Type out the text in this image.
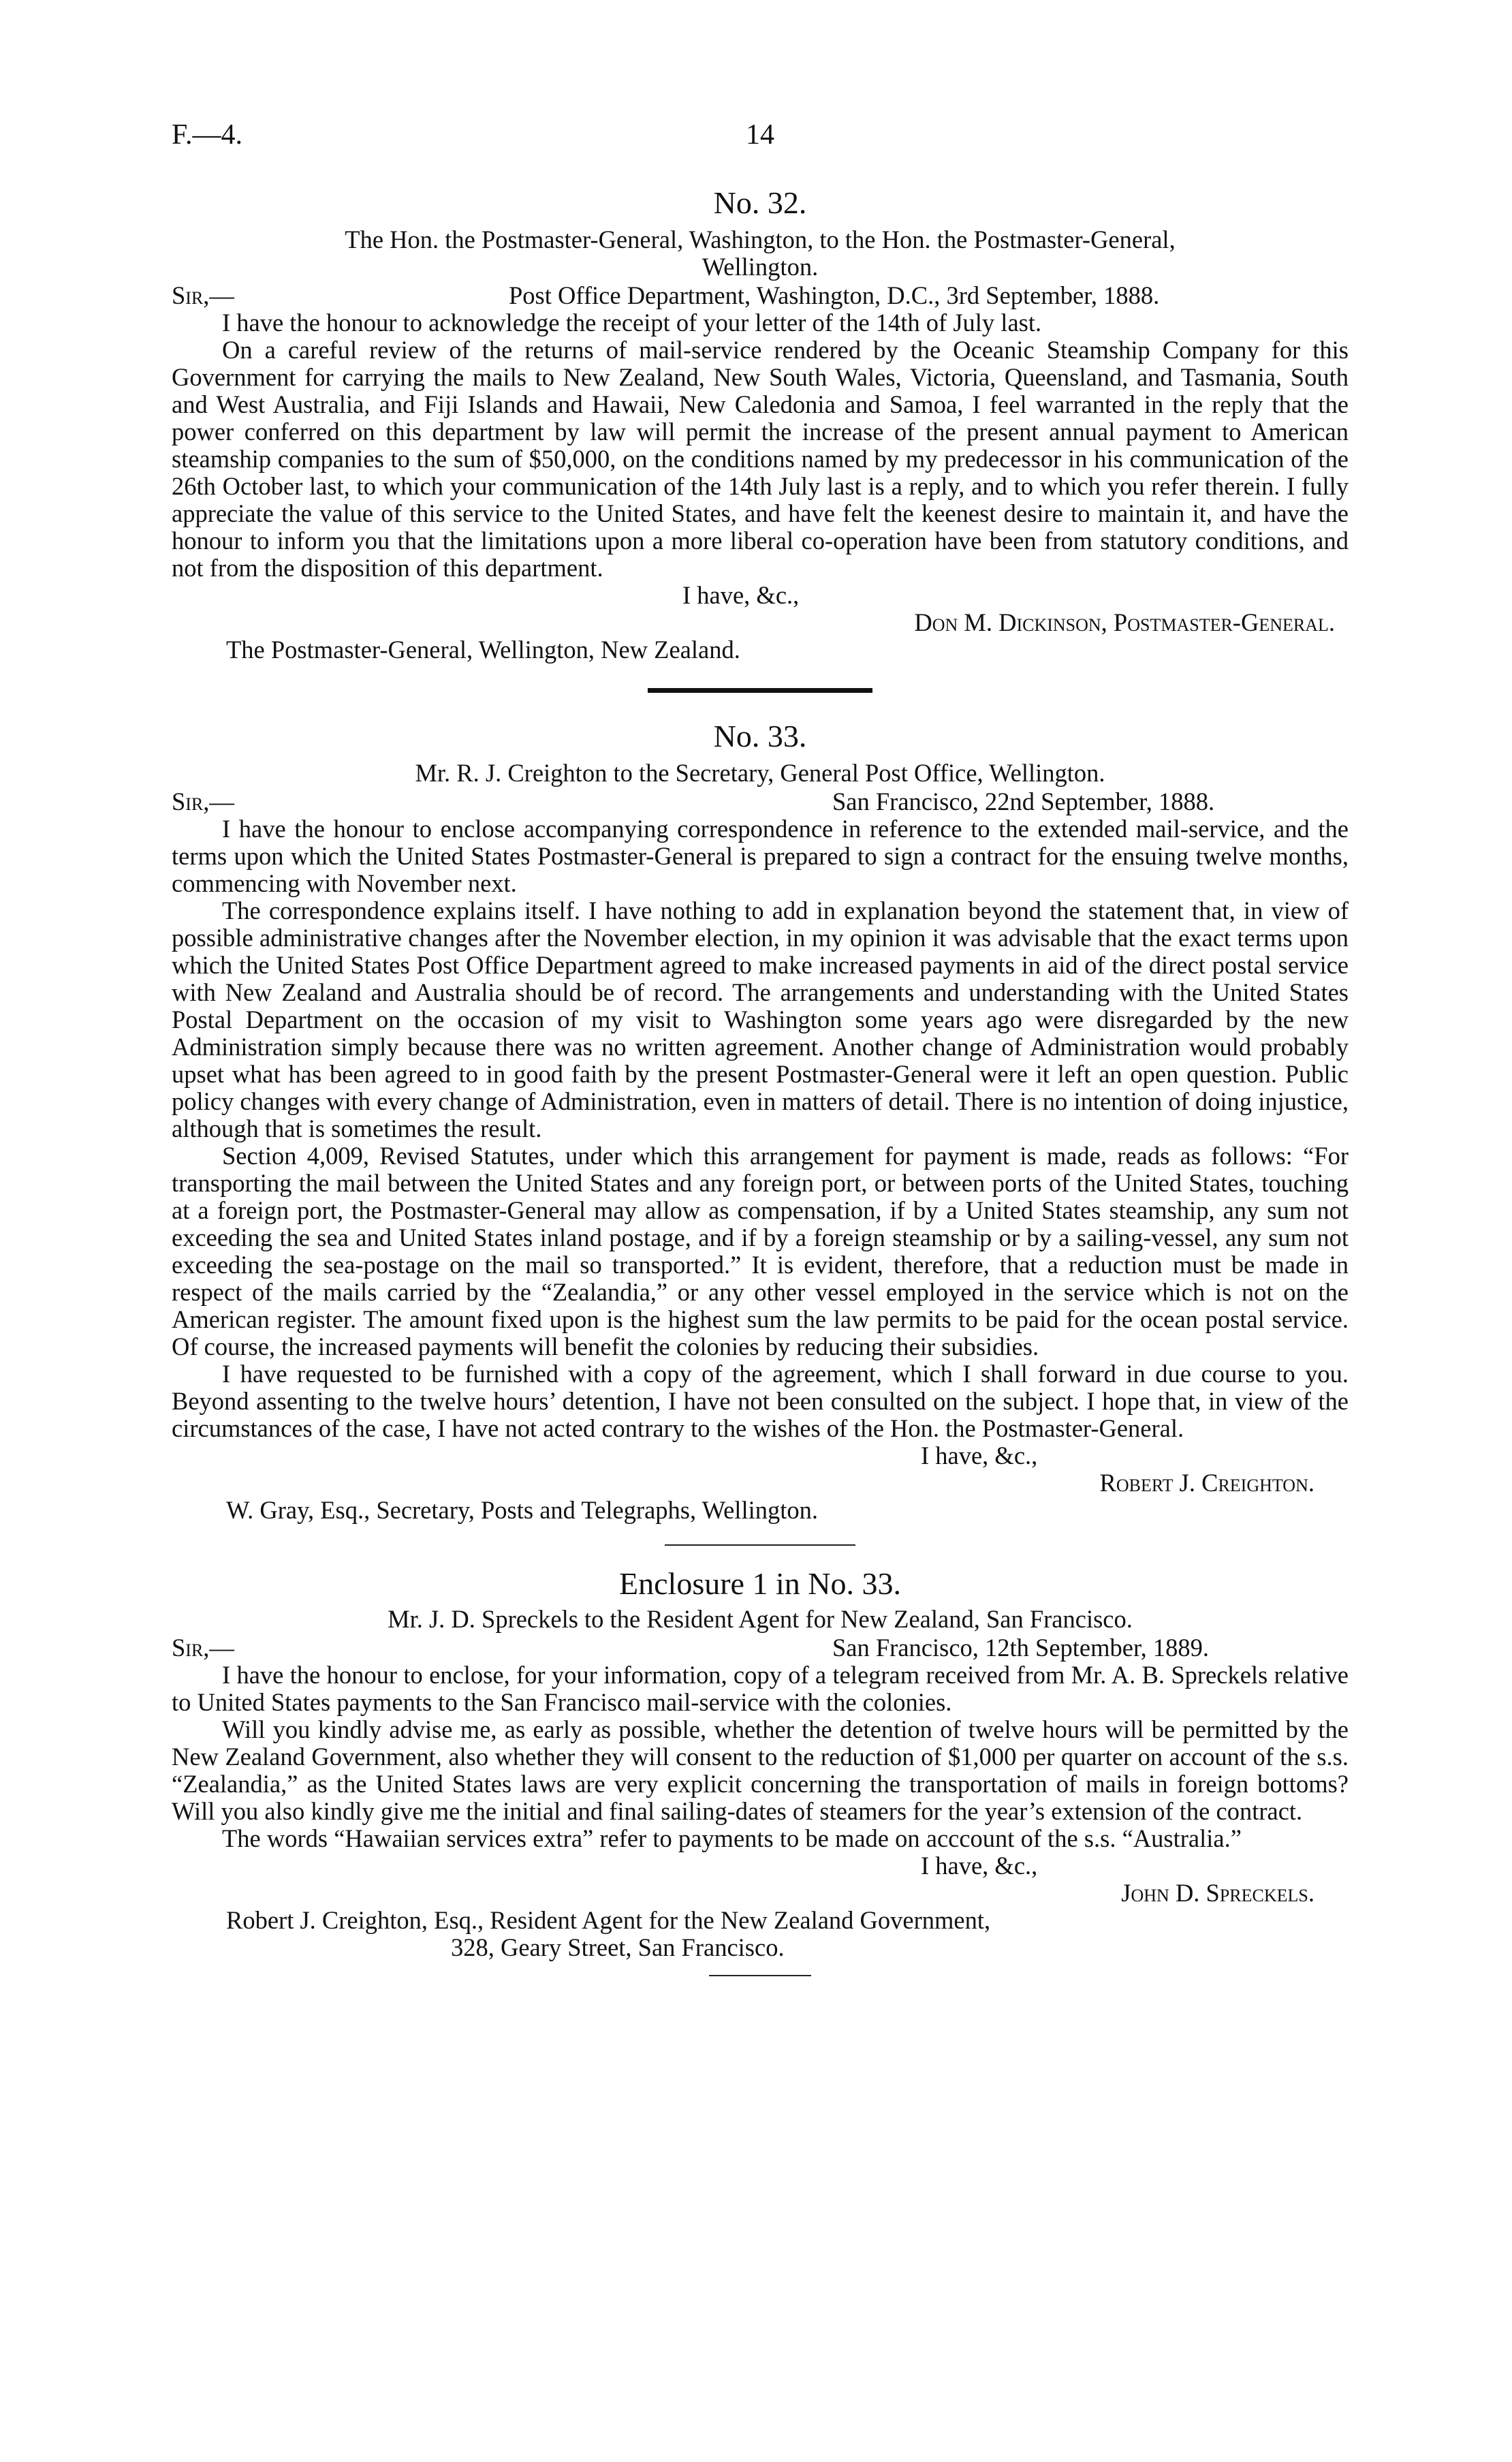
F.—4.	14
No. 32.
The Hon. the Postmaster-General, Washington, to the Hon. the Postmaster-General,
Wellington.
Sir,—	Post Office Department, Washington, D.C., 3rd September, 1888.

I have the honour to acknowledge the receipt of your letter of the 14th of July last.

On a careful review of the returns of mail-service rendered by the Oceanic Steamship Company for this Government for carrying the mails to New Zealand, New South Wales, Victoria, Queensland, and Tasmania, South and West Australia, and Fiji Islands and Hawaii, New Caledonia and Samoa, I feel warranted in the reply that the power conferred on this department by law will permit the increase of the present annual payment to American steamship companies to the sum of $50,000, on the conditions named by my predecessor in his communication of the 26th October last, to which your communication of the 14th July last is a reply, and to which you refer therein. I fully appreciate the value of this service to the United States, and have felt the keenest desire to maintain it, and have the honour to inform you that the limitations upon a more liberal co-operation have been from statutory conditions, and not from the disposition of this department.

I have, &c.,
Don M. Dickinson, Postmaster-General.

The Postmaster-General, Wellington, New Zealand.

No. 33.
Mr. R. J. Creighton to the Secretary, General Post Office, Wellington.
Sir,—	San Francisco, 22nd September, 1888.

I have the honour to enclose accompanying correspondence in reference to the extended mail-service, and the terms upon which the United States Postmaster-General is prepared to sign a contract for the ensuing twelve months, commencing with November next.

The correspondence explains itself. I have nothing to add in explanation beyond the statement that, in view of possible administrative changes after the November election, in my opinion it was advisable that the exact terms upon which the United States Post Office Department agreed to make increased payments in aid of the direct postal service with New Zealand and Australia should be of record. The arrangements and understanding with the United States Postal Department on the occasion of my visit to Washington some years ago were disregarded by the new Administration simply because there was no written agreement. Another change of Administration would probably upset what has been agreed to in good faith by the present Postmaster-General were it left an open question. Public policy changes with every change of Administration, even in matters of detail. There is no intention of doing injustice, although that is sometimes the result.

Section 4,009, Revised Statutes, under which this arrangement for payment is made, reads as follows: “For transporting the mail between the United States and any foreign port, or between ports of the United States, touching at a foreign port, the Postmaster-General may allow as compensation, if by a United States steamship, any sum not exceeding the sea and United States inland postage, and if by a foreign steamship or by a sailing-vessel, any sum not exceeding the sea-postage on the mail so transported.” It is evident, therefore, that a reduction must be made in respect of the mails carried by the “Zealandia,” or any other vessel employed in the service which is not on the American register. The amount fixed upon is the highest sum the law permits to be paid for the ocean postal service. Of course, the increased payments will benefit the colonies by reducing their subsidies.

I have requested to be furnished with a copy of the agreement, which I shall forward in due course to you. Beyond assenting to the twelve hours’ detention, I have not been consulted on the subject. I hope that, in view of the circumstances of the case, I have not acted contrary to the wishes of the Hon. the Postmaster-General.

I have, &c.,
Robert J. Creighton.

W. Gray, Esq., Secretary, Posts and Telegraphs, Wellington.

Enclosure 1 in No. 33.
Mr. J. D. Spreckels to the Resident Agent for New Zealand, San Francisco.
Sir,—	San Francisco, 12th September, 1889.

I have the honour to enclose, for your information, copy of a telegram received from Mr. A. B. Spreckels relative to United States payments to the San Francisco mail-service with the colonies.

Will you kindly advise me, as early as possible, whether the detention of twelve hours will be permitted by the New Zealand Government, also whether they will consent to the reduction of $1,000 per quarter on account of the s.s. “Zealandia,” as the United States laws are very explicit concerning the transportation of mails in foreign bottoms? Will you also kindly give me the initial and final sailing-dates of steamers for the year’s extension of the contract.

The words “Hawaiian services extra” refer to payments to be made on acccount of the s.s. “Australia.”

I have, &c.,
John D. Spreckels.

Robert J. Creighton, Esq., Resident Agent for the New Zealand Government,

328, Geary Street, San Francisco.
